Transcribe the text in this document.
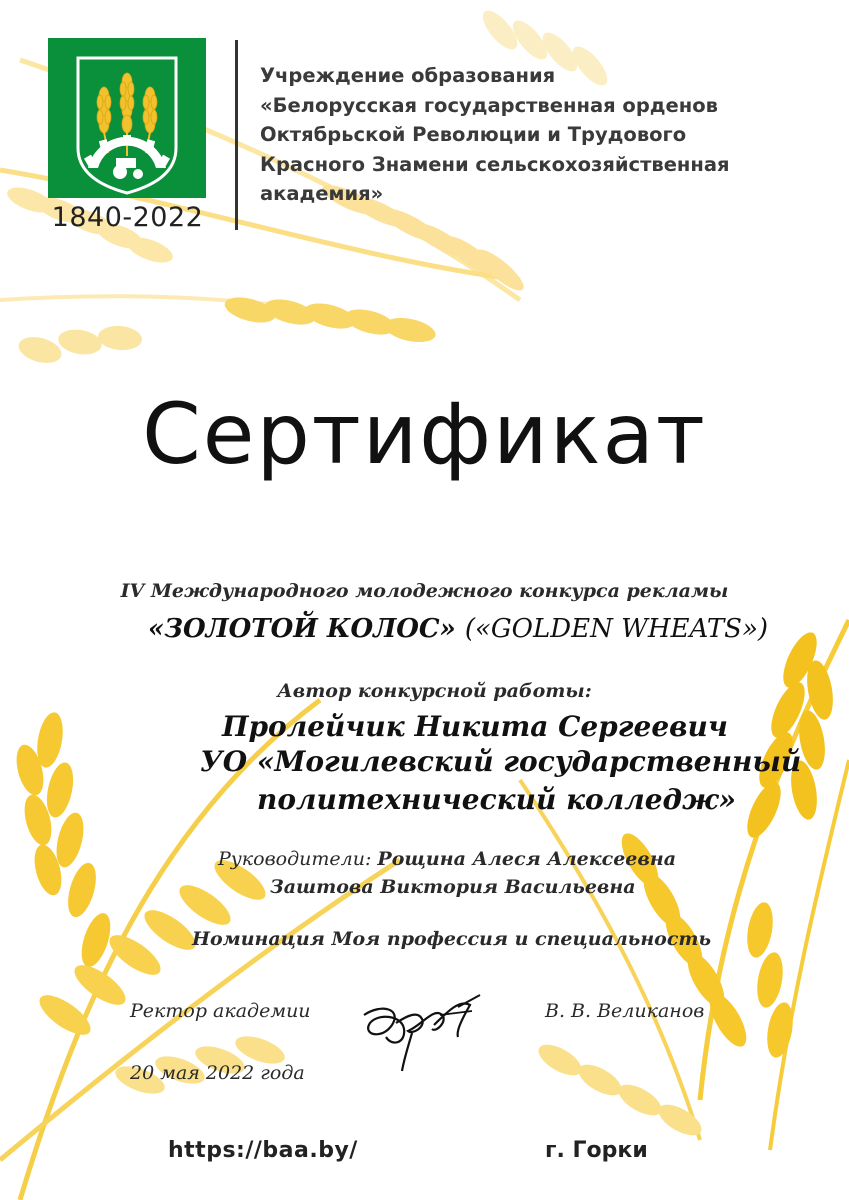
1840-2022
Учреждение образования
«Белорусская государственная орденов
Октябрьской Революции и Трудового
Красного Знамени сельскохозяйственная
академия»
Сертификат
IV Международного молодежного конкурса рекламы
«ЗОЛОТОЙ КОЛОС» («GOLDEN WHEATS»)
Автор конкурсной работы:
Пролейчик Никита Сергеевич
УО «Могилевский государственный
политехнический колледж»
Руководители: Рощина Алеся Алексеевна
Заштова Виктория Васильевна
Номинация Моя профессия и специальность
Ректор академии	В. В. Великанов
20 мая 2022 года
https://baa.by/	г. Горки
